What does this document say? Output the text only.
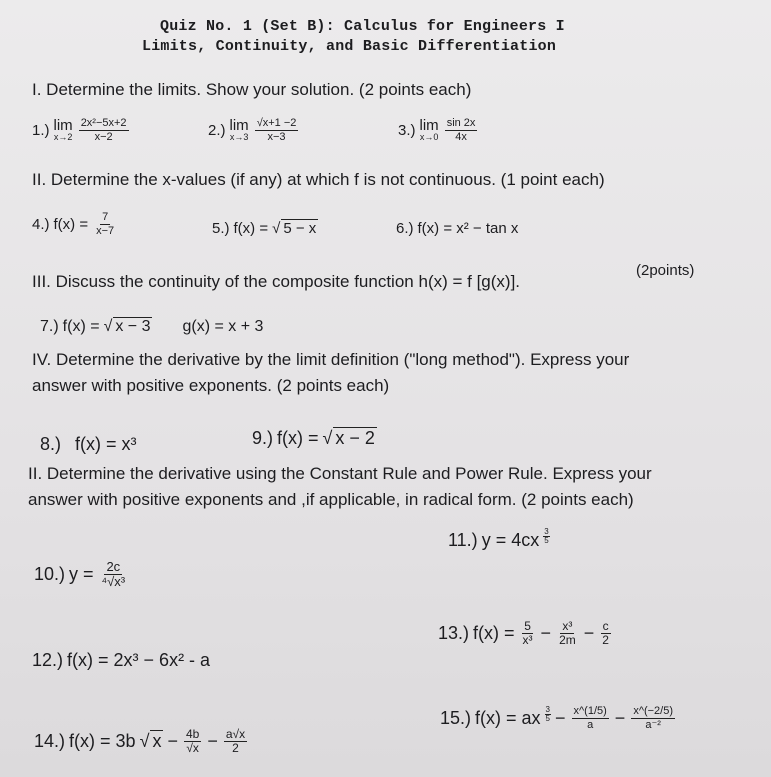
Quiz No. 1 (Set B): Calculus for Engineers I
Limits, Continuity, and Basic Differentiation
I. Determine the limits. Show your solution. (2 points each)
1.) lim
$x\to 2 \frac{\text{2x²−5x+2}}{x-2}$	2.) lim
$x\to 3 \frac{√x+1 -2}{x-3}$	3.) lim
$x\to 0 \frac{\sin 2x}{4x}$
II. Determine the x-values (if any) at which f is not continuous. (1 point each)
4.) $f(x) = \frac{7}{x-7}$	5.) f(x) = √ 5 − x	6.) f(x) = x² − tan x
III. Discuss the continuity of the composite function h(x) = f [g(x)].
(2points)
7.) f(x) = √ x − 3 g(x) = x + 3
IV. Determine the derivative by the limit definition ("long method"). Express your
answer with positive exponents. (2 points each)
8.) f(x) = x³	9.) f(x) = √ x − 2
II. Determine the derivative using the Constant Rule and Power Rule. Express your
answer with positive exponents and ,if applicable, in radical form. (2 points each)
10.) $y = \frac{2c}{\text{⁴√x³}}$
11.) $y = 4cx \frac{3}{5}$
12.) f(x) = 2x³ − 6x² - a
13.) $f(x) = \frac{5}{\text{x³}} - \frac{\text{x³}}{2m} - \frac{c}{2}$
14.) f(x) = 3b √ $x - \frac{4b}{√x} - \frac{a√x}{2}$
15.) f(x) = ax $\frac{3}{5} - \frac{x\^{}(1/5)}{a} - \frac{x\^{}(-2/5)}{\text{a⁻²}}$
